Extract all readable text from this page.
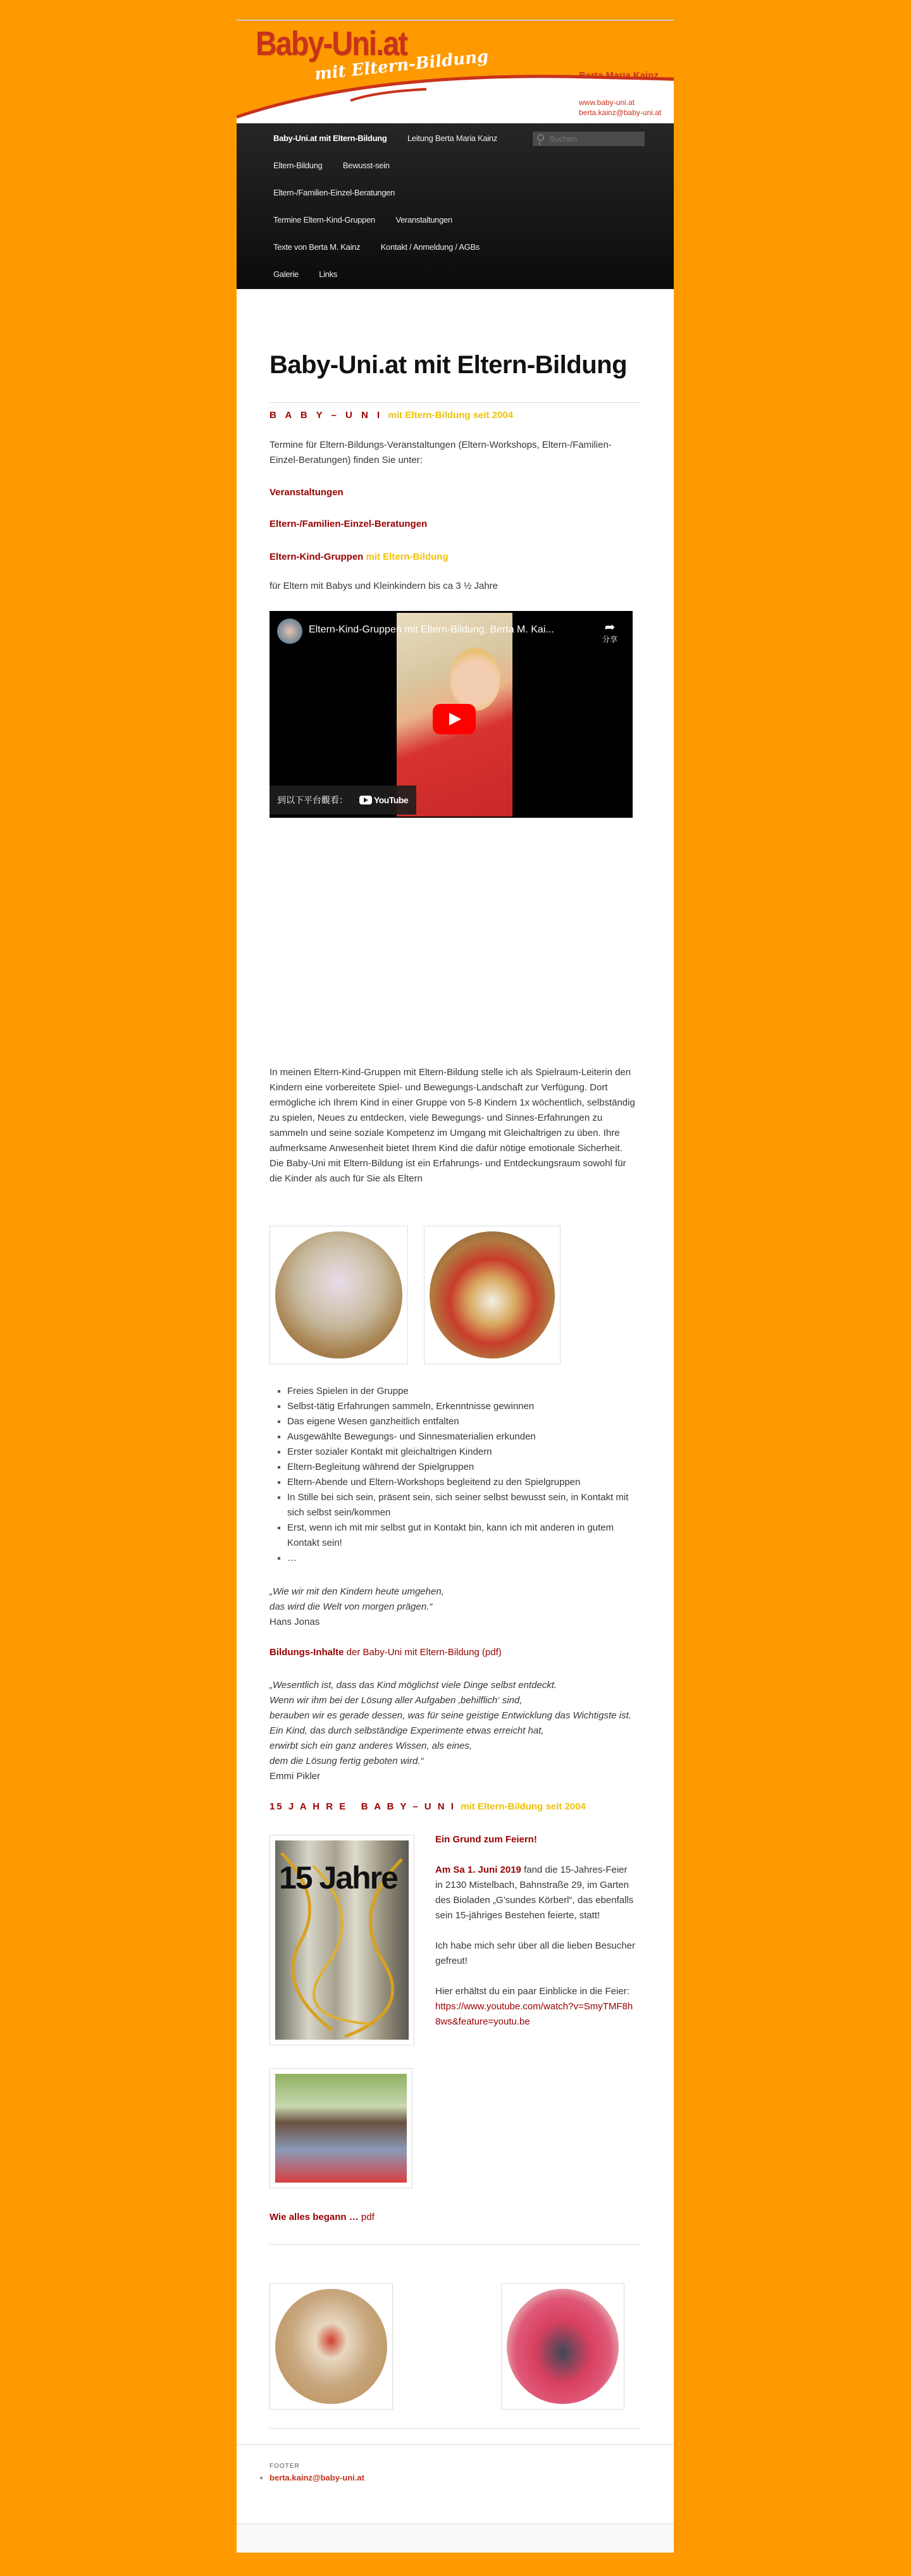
Baby-Uni.at
mit Eltern-Bildung	Berta Maria Kainz
Telefon: 0664 1251575
www.baby-uni.at
berta.kainz@baby-uni.at
Baby-Uni.at mit Eltern-Bildung Leitung Berta Maria Kainz	Suchen
Eltern-Bildung Bewusst-sein
Eltern-/Familien-Einzel-Beratungen
Termine Eltern-Kind-Gruppen Veranstaltungen
Texte von Berta M. Kainz Kontakt / Anmeldung / AGBs
Galerie Links
Baby-Uni.at mit Eltern-Bildung
B A B Y – U N I mit Eltern-Bildung seit 2004

Termine für Eltern-Bildungs-Veranstaltungen (Eltern-Workshops, Eltern-/Familien-Einzel-Beratungen) finden Sie unter:

Veranstaltungen
Eltern-/Familien-Einzel-Beratungen
Eltern-Kind-Gruppen mit Eltern-Bildung

für Eltern mit Babys und Kleinkindern bis ca 3 ½ Jahre

Eltern-Kind-Gruppen mit Eltern-Bildung, Berta M. Kai...	➦
分享
到以下平台觀看：	YouTube

In meinen Eltern-Kind-Gruppen mit Eltern-Bildung stelle ich als Spielraum-Leiterin den Kindern eine vorbereitete Spiel- und Bewegungs-Landschaft zur Verfügung. Dort ermögliche ich Ihrem Kind in einer Gruppe von 5-8 Kindern 1x wöchentlich, selbständig zu spielen, Neues zu entdecken, viele Bewegungs- und Sinnes-Erfahrungen zu sammeln und seine soziale Kompetenz im Umgang mit Gleichaltrigen zu üben. Ihre aufmerksame Anwesenheit bietet Ihrem Kind die dafür nötige emotionale Sicherheit.

Die Baby-Uni mit Eltern-Bildung ist ein Erfahrungs- und Entdeckungsraum sowohl für die Kinder als auch für Sie als Eltern

▪ Freies Spielen in der Gruppe
▪ Selbst-tätig Erfahrungen sammeln, Erkenntnisse gewinnen
▪ Das eigene Wesen ganzheitlich entfalten
▪ Ausgewählte Bewegungs- und Sinnesmaterialien erkunden
▪ Erster sozialer Kontakt mit gleichaltrigen Kindern
▪ Eltern-Begleitung während der Spielgruppen
▪ Eltern-Abende und Eltern-Workshops begleitend zu den Spielgruppen
▪ In Stille bei sich sein, präsent sein, sich seiner selbst bewusst sein, in Kontakt mit sich selbst sein/kommen
▪ Erst, wenn ich mit mir selbst gut in Kontakt bin, kann ich mit anderen in gutem Kontakt sein!
▪ …
„Wie wir mit den Kindern heute umgehen,
das wird die Welt von morgen prägen.“
Hans Jonas
Bildungs-Inhalte der Baby-Uni mit Eltern-Bildung (pdf)
„Wesentlich ist, dass das Kind möglichst viele Dinge selbst entdeckt.
Wenn wir ihm bei der Lösung aller Aufgaben ‚behilflich‘ sind,
berauben wir es gerade dessen, was für seine geistige Entwicklung das Wichtigste ist.
Ein Kind, das durch selbständige Experimente etwas erreicht hat,
erwirbt sich ein ganz anderes Wissen, als eines,
dem die Lösung fertig geboten wird.“
Emmi Pikler
15 J A H R E   B A B Y – U N I mit Eltern-Bildung seit 2004
15 Jahre

Ein Grund zum Feiern!

Am Sa 1. Juni 2019 fand die 15-Jahres-Feier in 2130 Mistelbach, Bahnstraße 29, im Garten des Bioladen „G’sundes Körberl“, das ebenfalls sein 15-jähriges Bestehen feierte, statt!

Ich habe mich sehr über all die lieben Besucher gefreut!

Hier erhältst du ein paar Einblicke in die Feier:

https://www.youtube.com/watch?v=SmyTMF8h8ws&feature=youtu.be
Wie alles begann … pdf
FOOTER
▪ berta.kainz@baby-uni.at
